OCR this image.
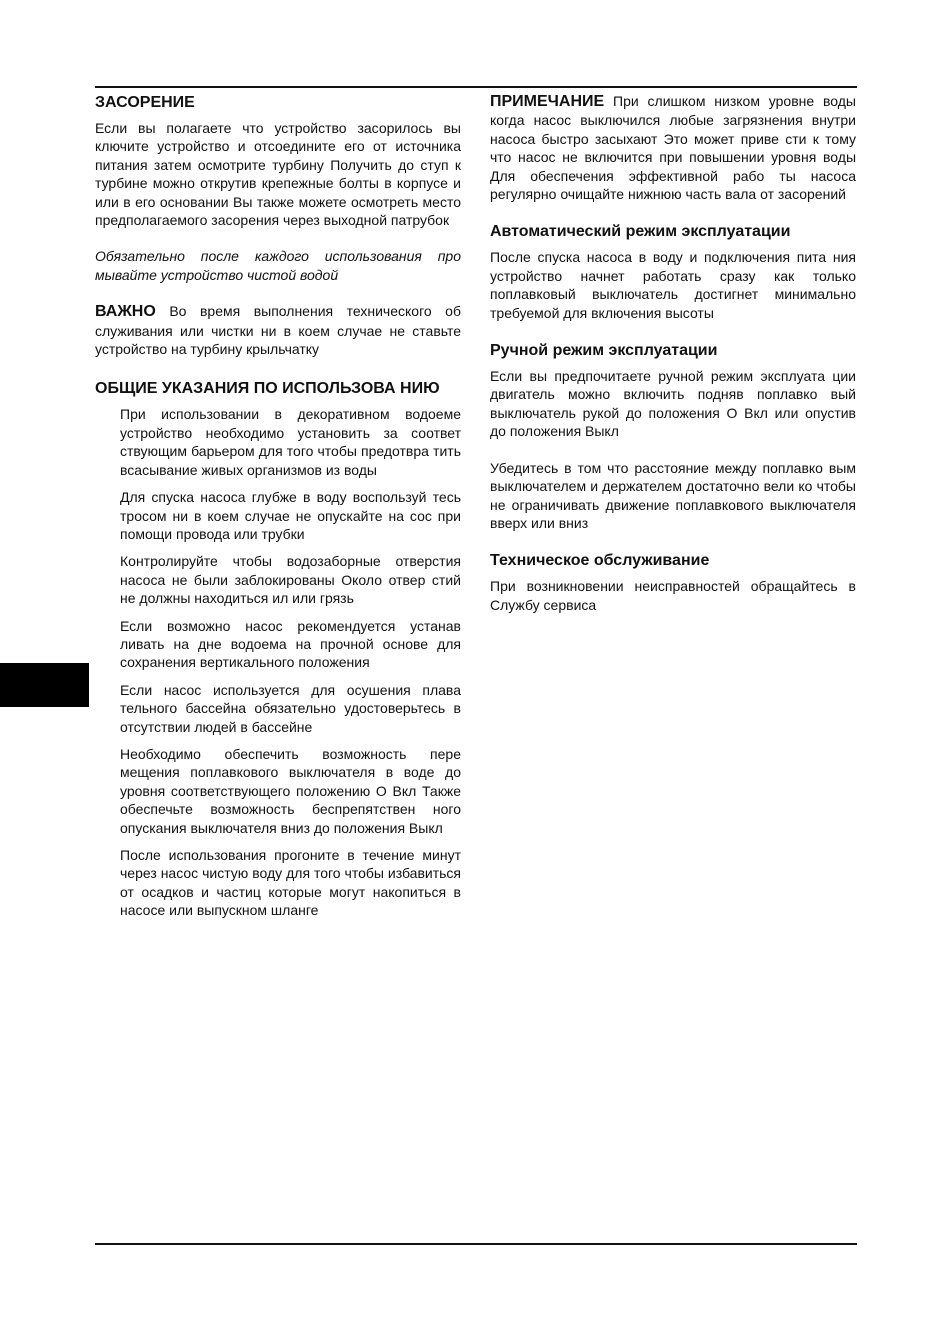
ЗАСОРЕНИЕ

Если вы полагаете что устройство засорилось вы ключите устройство и отсоедините его от источника питания затем осмотрите турбину Получить до ступ к турбине можно открутив крепежные болты в корпусе и или в его основании Вы также можете осмотреть место предполагаемого засорения через выходной патрубок

Обязательно после каждого использования про мывайте устройство чистой водой

ВАЖНО Во время выполнения технического об служивания или чистки ни в коем случае не ставьте устройство на турбину крыльчатку

ОБЩИЕ УКАЗАНИЯ ПО ИСПОЛЬЗОВА НИЮ

При использовании в декоративном водоеме устройство необходимо установить за соответ ствующим барьером для того чтобы предотвра тить всасывание живых организмов из воды

Для спуска насоса глубже в воду воспользуй тесь тросом ни в коем случае не опускайте на сос при помощи провода или трубки

Контролируйте чтобы водозаборные отверстия насоса не были заблокированы Около отвер стий не должны находиться ил или грязь

Если возможно насос рекомендуется устанав ливать на дне водоема на прочной основе для сохранения вертикального положения

Если насос используется для осушения плава тельного бассейна обязательно удостоверьтесь в отсутствии людей в бассейне

Необходимо обеспечить возможность пере мещения поплавкового выключателя в воде до уровня соответствующего положению О Вкл Также обеспечьте возможность беспрепятствен ного опускания выключателя вниз до положения Выкл

После использования прогоните в течение минут через насос чистую воду для того чтобы избавиться от осадков и частиц которые могут накопиться в насосе или выпускном шланге

ПРИМЕЧАНИЕ При слишком низком уровне воды когда насос выключился любые загрязнения внутри насоса быстро засыхают Это может приве сти к тому что насос не включится при повышении уровня воды Для обеспечения эффективной рабо ты насоса регулярно очищайте нижнюю часть вала от засорений

Автоматический режим эксплуатации

После спуска насоса в воду и подключения пита ния устройство начнет работать сразу как только поплавковый выключатель достигнет минимально требуемой для включения высоты

Ручной режим эксплуатации

Если вы предпочитаете ручной режим эксплуата ции двигатель можно включить подняв поплавко вый выключатель рукой до положения О Вкл или опустив до положения Выкл

Убедитесь в том что расстояние между поплавко вым выключателем и держателем достаточно вели ко чтобы не ограничивать движение поплавкового выключателя вверх или вниз

Техническое обслуживание

При возникновении неисправностей обращайтесь в Службу сервиса
